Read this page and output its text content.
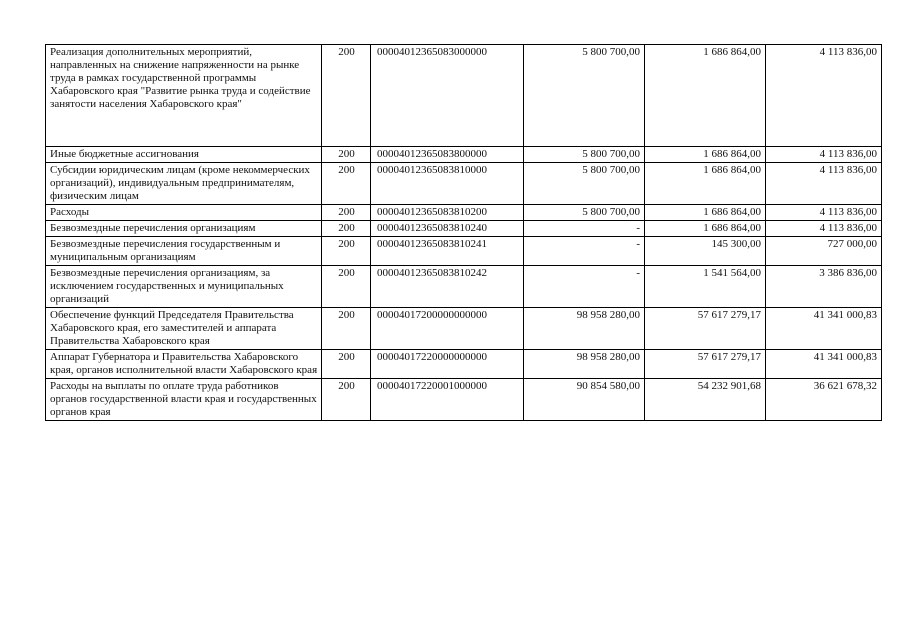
Реализация дополнительных мероприятий, направленных на снижение напряженности на рынке труда в рамках государственной программы Хабаровского края "Развитие рынка труда и содействие занятости населения Хабаровского края"	200	00004012365083000000	5 800 700,00	1 686 864,00	4 113 836,00
Иные бюджетные ассигнования	200	00004012365083800000	5 800 700,00	1 686 864,00	4 113 836,00
Субсидии юридическим лицам (кроме некоммерческих организаций), индивидуальным предпринимателям, физическим лицам	200	00004012365083810000	5 800 700,00	1 686 864,00	4 113 836,00
Расходы	200	00004012365083810200	5 800 700,00	1 686 864,00	4 113 836,00
Безвозмездные перечисления организациям	200	00004012365083810240	-	1 686 864,00	4 113 836,00
Безвозмездные перечисления государственным и муниципальным организациям	200	00004012365083810241	-	145 300,00	727 000,00
Безвозмездные перечисления организациям, за исключением государственных и муниципальных организаций	200	00004012365083810242	-	1 541 564,00	3 386 836,00
Обеспечение функций Председателя Правительства Хабаровского края, его заместителей и аппарата Правительства Хабаровского края	200	00004017200000000000	98 958 280,00	57 617 279,17	41 341 000,83
Аппарат Губернатора и Правительства Хабаровского края, органов исполнительной власти Хабаровского края	200	00004017220000000000	98 958 280,00	57 617 279,17	41 341 000,83
Расходы на выплаты по оплате труда работников органов государственной власти края и государственных органов края	200	00004017220001000000	90 854 580,00	54 232 901,68	36 621 678,32
